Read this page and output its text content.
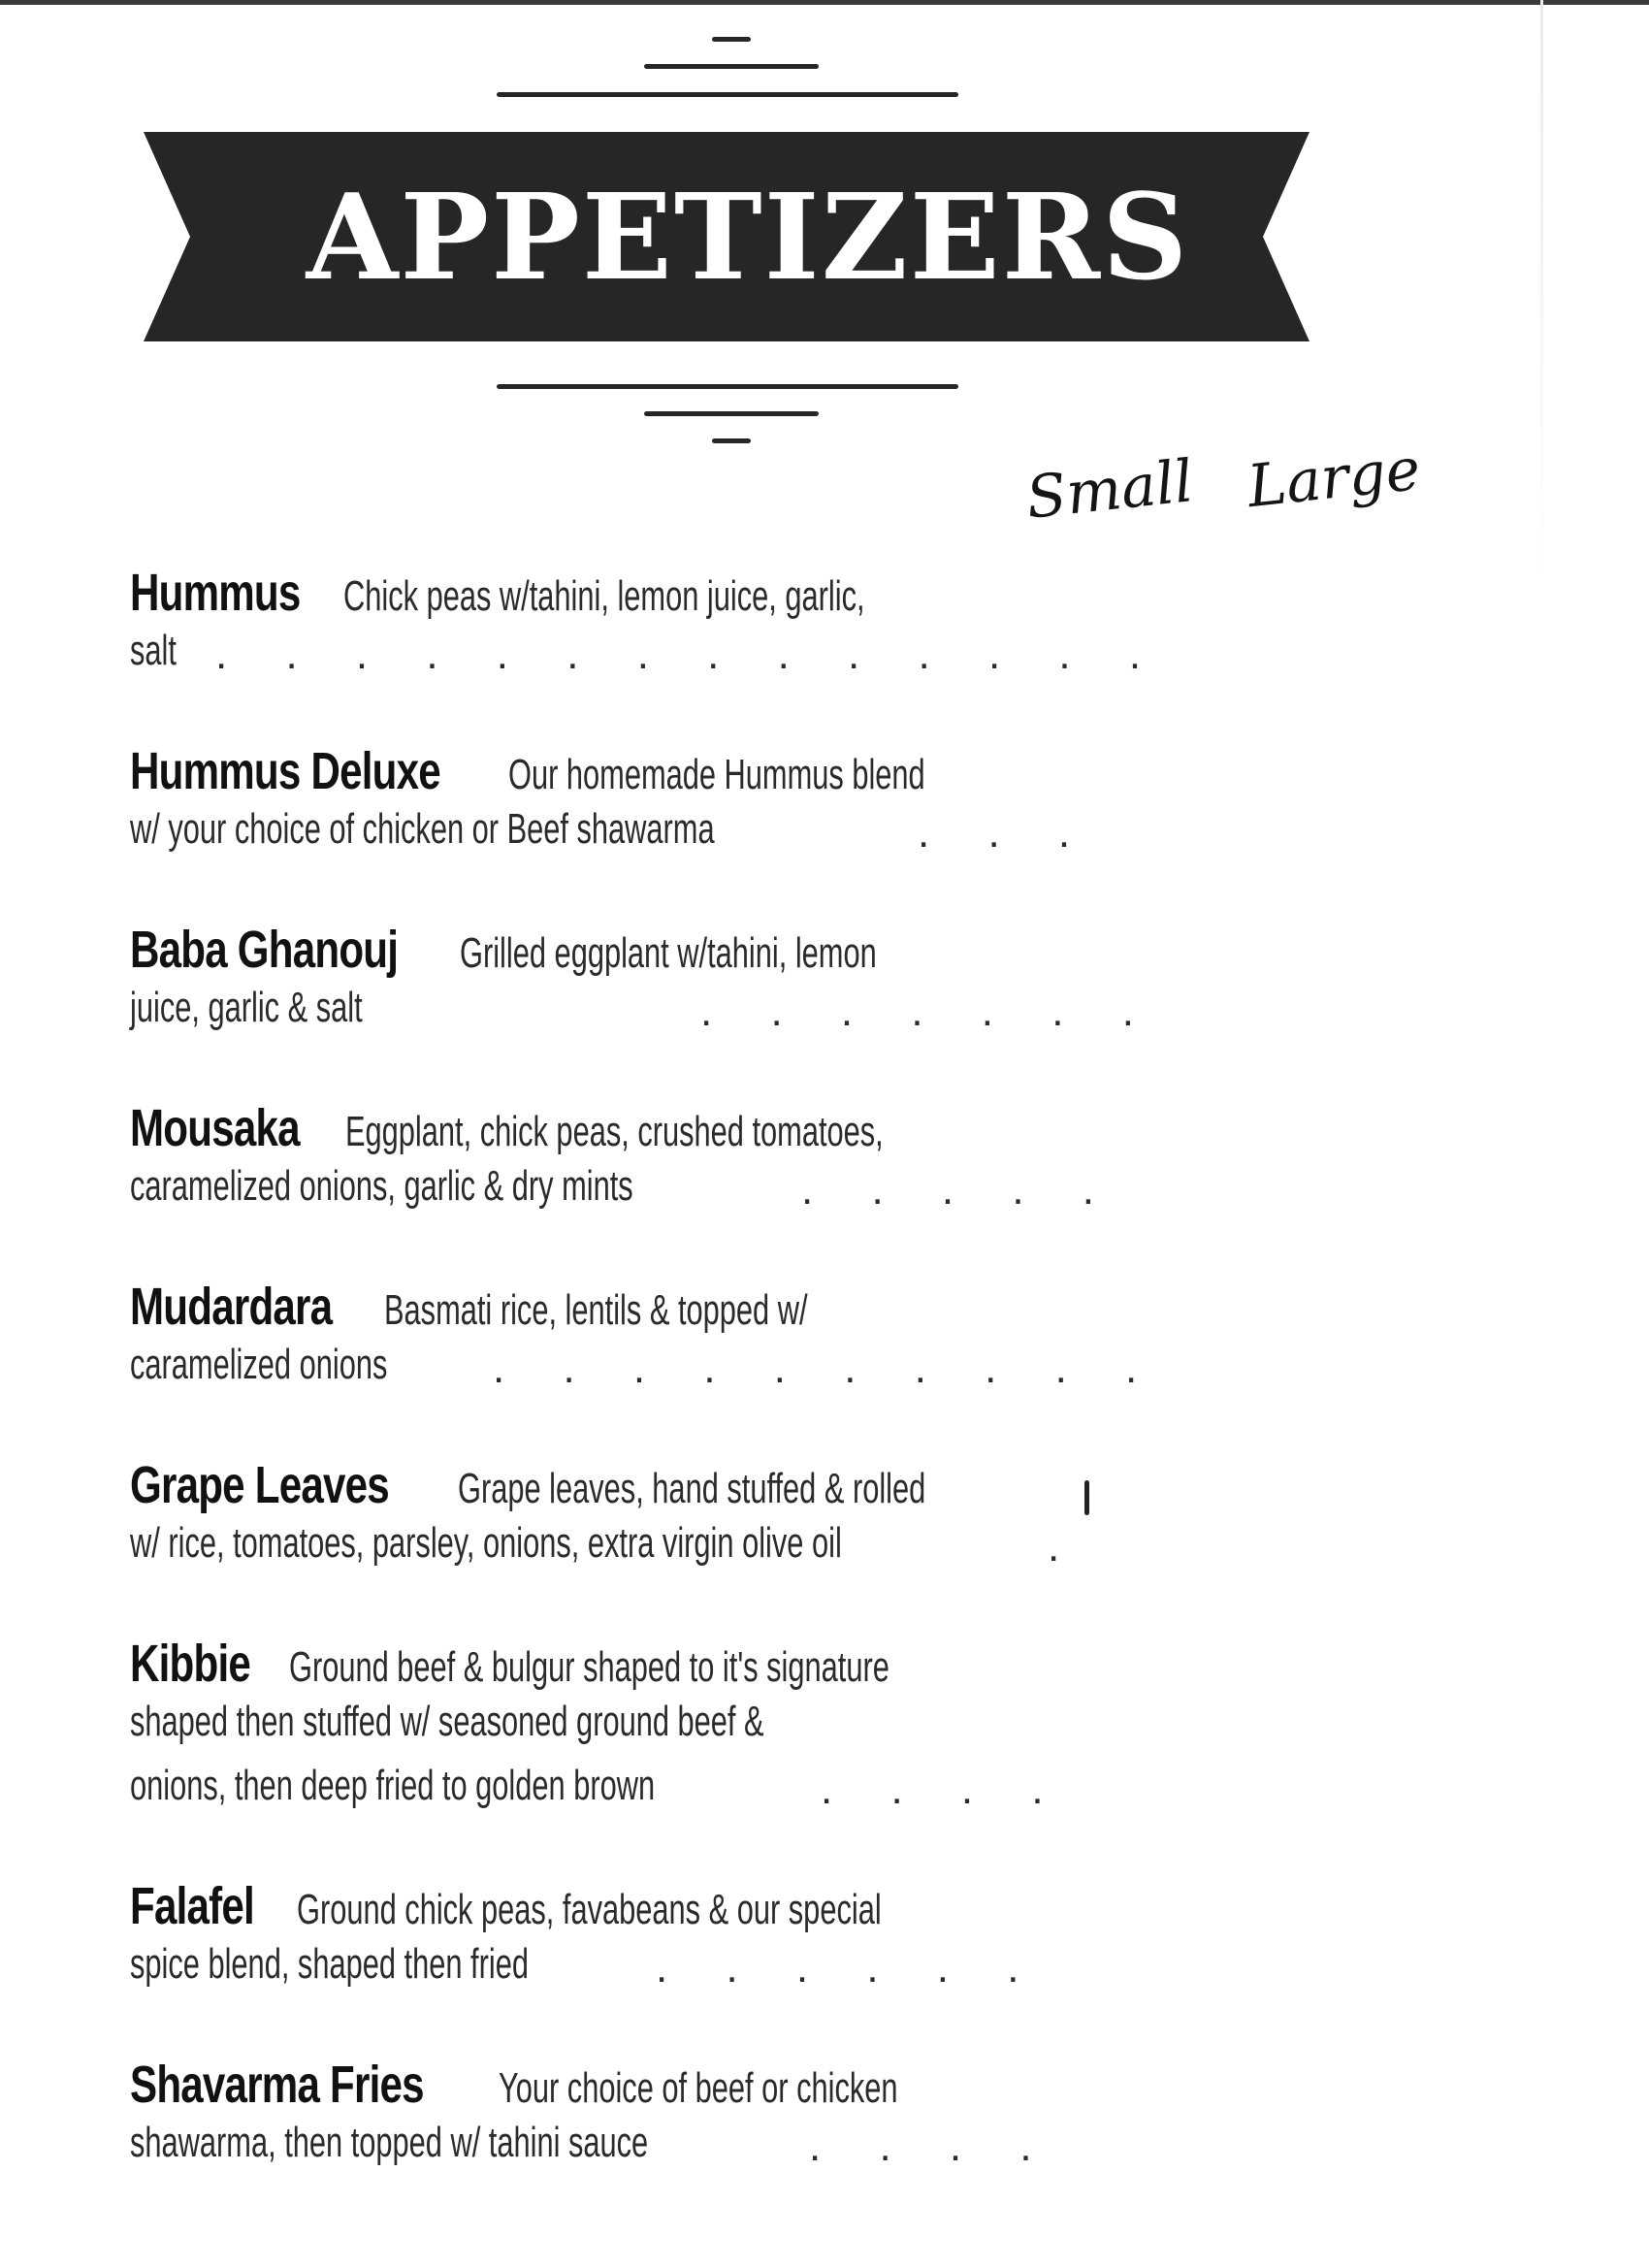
APPETIZERS
Small Large
Hummus Chick peas w/tahini, lemon juice, garlic,
salt . . . . . . . . . . . . . .
Hummus Deluxe Our homemade Hummus blend
w/ your choice of chicken or Beef shawarma	. . .
Baba Ghanouj Grilled eggplant w/tahini, lemon
juice, garlic & salt	. . . . . . .
Mousaka Eggplant, chick peas, crushed tomatoes,
caramelized onions, garlic & dry mints	. . . . .
Mudardara Basmati rice, lentils & topped w/
caramelized onions . . . . . . . . . .
Grape Leaves Grape leaves, hand stuffed & rolled
w/ rice, tomatoes, parsley, onions, extra virgin olive oil	.
Kibbie Ground beef & bulgur shaped to it's signature
shaped then stuffed w/ seasoned ground beef &
onions, then deep fried to golden brown	. . . .
Falafel Ground chick peas, favabeans & our special
spice blend, shaped then fried	. . . . . .
Shavarma Fries Your choice of beef or chicken
shawarma, then topped w/ tahini sauce	. . . .
